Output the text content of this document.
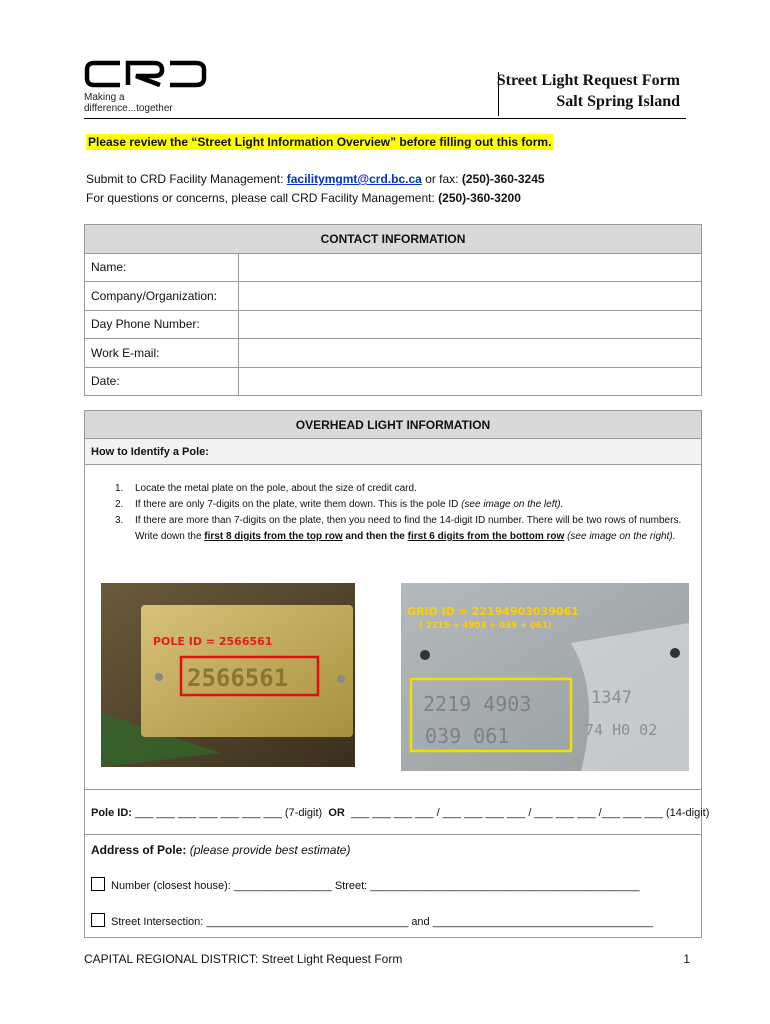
Making a difference...together
Street Light Request Form
Salt Spring Island
Please review the “Street Light Information Overview” before filling out this form.
Submit to CRD Facility Management: facilitymgmt@crd.bc.ca or fax: (250)-360-3245
For questions or concerns, please call CRD Facility Management: (250)-360-3200
CONTACT INFORMATION	
Name:	
Company/Organization:	
Day Phone Number:	
Work E-mail:	
Date:	
OVERHEAD LIGHT INFORMATION
How to Identify a Pole:
1. Locate the metal plate on the pole, about the size of credit card.
2. If there are only 7-digits on the plate, write them down. This is the pole ID (see image on the left).
3. If there are more than 7-digits on the plate, then you need to find the 14-digit ID number. There will be two rows of numbers. Write down the first 8 digits from the top row and then the first 6 digits from the bottom row (see image on the right).
POLE ID = 2566561
2566561
GRID ID = 22194903039061
( 2219 + 4903 + 039 + 061)
2219 4903
039 061
1347
74 H0 02
Pole ID: ___ ___ ___ ___ ___ ___ ___ (7-digit) OR ___ ___ ___ ___ / ___ ___ ___ ___ / ___ ___ ___ /___ ___ ___ (14-digit)
Address of Pole: (please provide best estimate)
Number (closest house): ________________ Street: ____________________________________________
Street Intersection: _________________________________ and ____________________________________
CAPITAL REGIONAL DISTRICT: Street Light Request Form	1
